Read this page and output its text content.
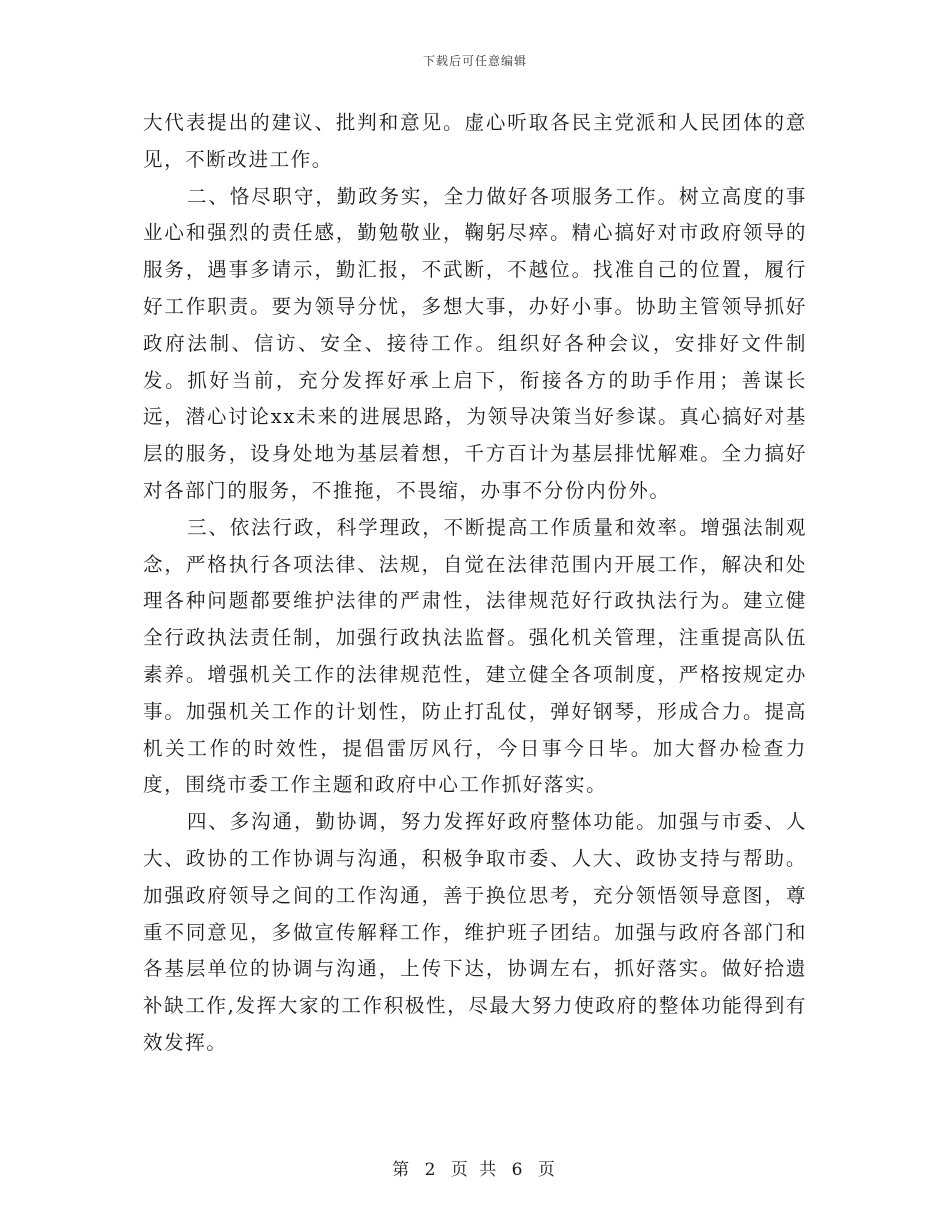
下载后可任意编辑

大代表提出的建议、批判和意见。虚心听取各民主党派和人民团体的意见，不断改进工作。

二、恪尽职守，勤政务实，全力做好各项服务工作。树立高度的事业心和强烈的责任感，勤勉敬业，鞠躬尽瘁。精心搞好对市政府领导的服务，遇事多请示，勤汇报，不武断，不越位。找准自己的位置，履行好工作职责。要为领导分忧，多想大事，办好小事。协助主管领导抓好政府法制、信访、安全、接待工作。组织好各种会议，安排好文件制发。抓好当前，充分发挥好承上启下，衔接各方的助手作用；善谋长远，潜心讨论xx未来的进展思路，为领导决策当好参谋。真心搞好对基层的服务，设身处地为基层着想，千方百计为基层排忧解难。全力搞好对各部门的服务，不推拖，不畏缩，办事不分份内份外。

三、依法行政，科学理政，不断提高工作质量和效率。增强法制观念，严格执行各项法律、法规，自觉在法律范围内开展工作，解决和处理各种问题都要维护法律的严肃性，法律规范好行政执法行为。建立健全行政执法责任制，加强行政执法监督。强化机关管理，注重提高队伍素养。增强机关工作的法律规范性，建立健全各项制度，严格按规定办事。加强机关工作的计划性，防止打乱仗，弹好钢琴，形成合力。提高机关工作的时效性，提倡雷厉风行，今日事今日毕。加大督办检查力度，围绕市委工作主题和政府中心工作抓好落实。

四、多沟通，勤协调，努力发挥好政府整体功能。加强与市委、人大、政协的工作协调与沟通，积极争取市委、人大、政协支持与帮助。加强政府领导之间的工作沟通，善于换位思考，充分领悟领导意图，尊重不同意见，多做宣传解释工作，维护班子团结。加强与政府各部门和各基层单位的协调与沟通，上传下达，协调左右，抓好落实。做好拾遗补缺工作,发挥大家的工作积极性，尽最大努力使政府的整体功能得到有效发挥。

第 2 页 共 6 页
